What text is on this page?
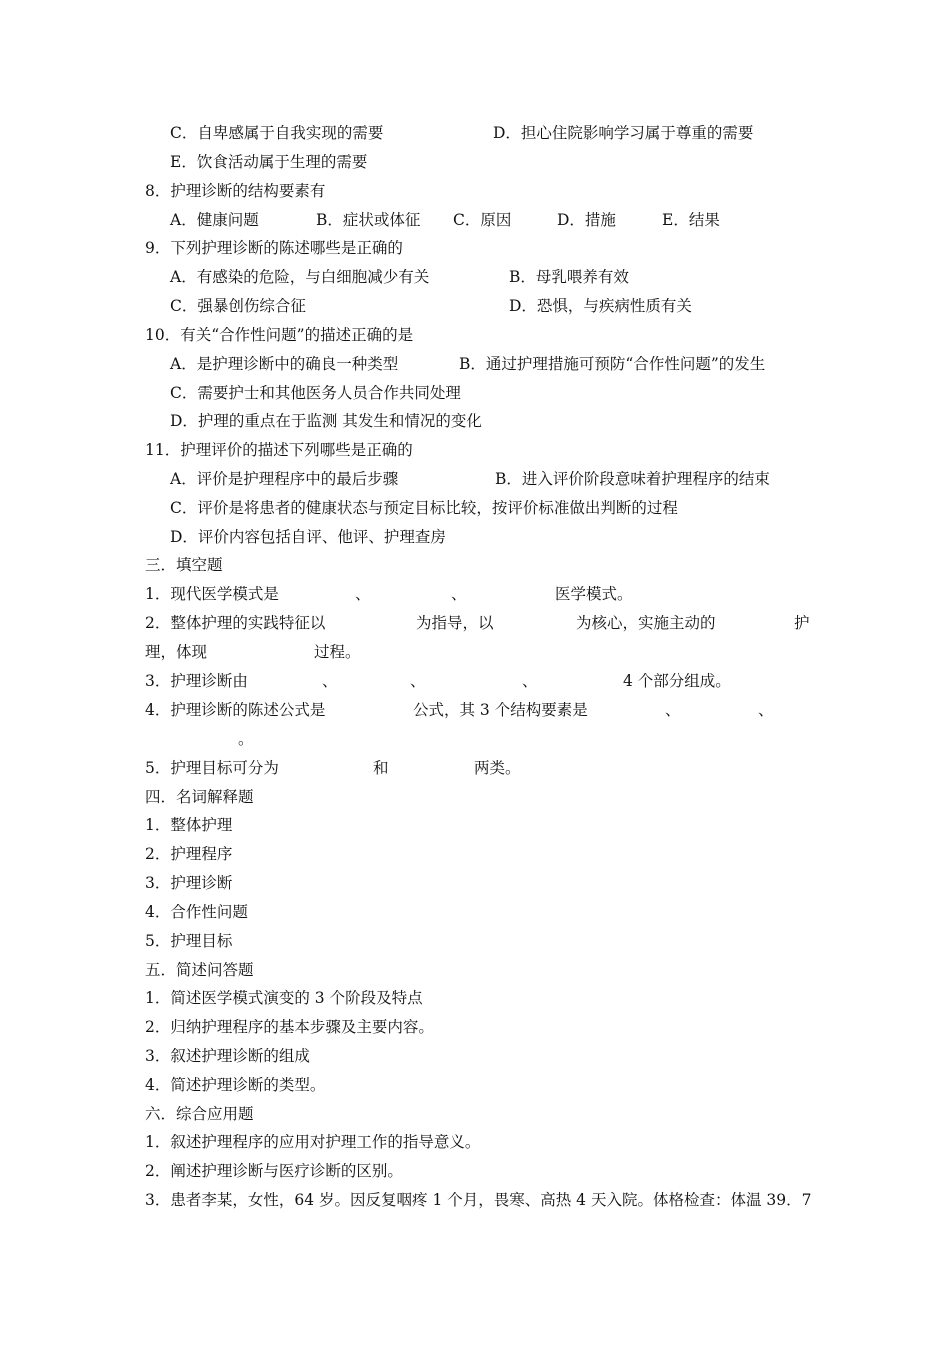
C．自卑感属于自我实现的需要	D．担心住院影响学习属于尊重的需要
E．饮食活动属于生理的需要
8．护理诊断的结构要素有
A．健康问题	B．症状或体征 C．原因	D．措施	E．结果
9．下列护理诊断的陈述哪些是正确的
A．有感染的危险，与白细胞减少有关	B．母乳喂养有效
C．强暴创伤综合征	D．恐惧，与疾病性质有关
10．有关“合作性问题”的描述正确的是
A．是护理诊断中的确良一种类型	B．通过护理措施可预防“合作性问题”的发生
C．需要护士和其他医务人员合作共同处理
D．护理的重点在于监测 其发生和情况的变化
11．护理评价的描述下列哪些是正确的
A．评价是护理程序中的最后步骤	B．进入评价阶段意味着护理程序的结束
C．评价是将患者的健康状态与预定目标比较，按评价标准做出判断的过程
D．评价内容包括自评、他评、护理查房
三．填空题
1．现代医学模式是	、	、	医学模式。
2．整体护理的实践特征以	为指导，以	为核心，实施主动的	护
理，体现	过程。
3．护理诊断由	、	、	、	4 个部分组成。
4．护理诊断的陈述公式是	公式，其 3 个结构要素是	、	、
。
5．护理目标可分为	和	两类。
四．名词解释题
1．整体护理
2．护理程序
3．护理诊断
4．合作性问题
5．护理目标
五．简述问答题
1．简述医学模式演变的 3 个阶段及特点
2．归纳护理程序的基本步骤及主要内容。
3．叙述护理诊断的组成
4．简述护理诊断的类型。
六．综合应用题
1．叙述护理程序的应用对护理工作的指导意义。
2．阐述护理诊断与医疗诊断的区别。
3．患者李某，女性，64 岁。因反复咽疼 1 个月，畏寒、高热 4 天入院。体格检查：体温 39．7
